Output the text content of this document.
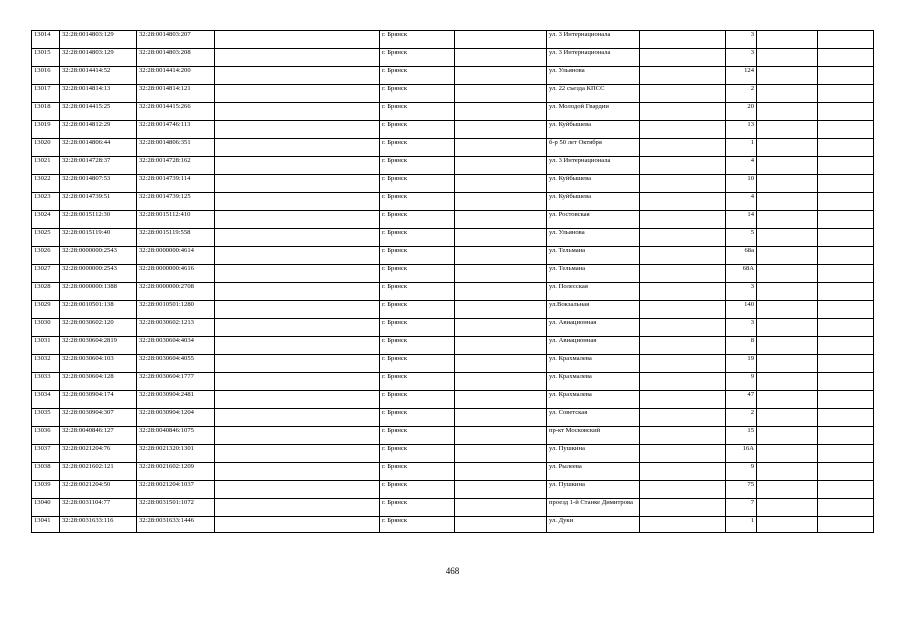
13014	32:28:0014803:129	32:28:0014803:207		г. Брянск		ул. 3 Интернационала		3		
13015	32:28:0014803:129	32:28:0014803:208		г. Брянск		ул. 3 Интернационала		3		
13016	32:28:0014414:52	32:28:0014414:200		г. Брянск		ул. Ульянова		124		
13017	32:28:0014814:13	32:28:0014814:121		г. Брянск		ул. 22 съезда КПСС		2		
13018	32:28:0014415:25	32:28:0014415:266		г. Брянск		ул. Молодой Гвардии		20		
13019	32:28:0014812:29	32:28:0014746:113		г. Брянск		ул. Куйбышева		13		
13020	32:28:0014806:44	32:28:0014806:351		г. Брянск		б-р 50 лет Октября		1		
13021	32:28:0014728:37	32:28:0014728:162		г. Брянск		ул. 3 Интернационала		4		
13022	32:28:0014807:53	32:28:0014739:114		г. Брянск		ул. Куйбышева		10		
13023	32:28:0014739:51	32:28:0014739:125		г. Брянск		ул. Куйбышева		4		
13024	32:28:0015112:30	32:28:0015112:410		г. Брянск		ул. Ростовская		14		
13025	32:28:0015119:40	32:28:0015119:558		г. Брянск		ул. Ульянова		5		
13026	32:28:0000000:2543	32:28:0000000:4614		г. Брянск		ул. Тельмана		68а		
13027	32:28:0000000:2543	32:28:0000000:4616		г. Брянск		ул. Тельмана		68А		
13028	32:28:0000000:1388	32:28:0000000:2708		г. Брянск		ул. Полесская		3		
13029	32:28:0010501:138	32:28:0010501:1280		г. Брянск		ул.Вокзальная		140		
13030	32:28:0030602:120	32:28:0030602:1213		г. Брянск		ул. Авиационная		3		
13031	32:28:0030604:2819	32:28:0030604:4034		г. Брянск		ул. Авиационная		8		
13032	32:28:0030604:103	32:28:0030604:4055		г. Брянск		ул. Крахмалева		19		
13033	32:28:0030604:128	32:28:0030604:1777		г. Брянск		ул. Крахмалева		9		
13034	32:28:0030904:174	32:28:0030904:2481		г. Брянск		ул. Крахмалева		47		
13035	32:28:0030904:307	32:28:0030904:1204		г. Брянск		ул. Советская		2		
13036	32:28:0040846:127	32:28:0040846:1075		г. Брянск		пр-кт Московский		15		
13037	32:28:0021204:76	32:28:0021320:1301		г. Брянск		ул. Пушкина		16А		
13038	32:28:0021602:121	32:28:0021602:1209		г. Брянск		ул. Рылеева		9		
13039	32:28:0021204:50	32:28:0021204:1037		г. Брянск		ул. Пушкина		75		
13040	32:28:0031104:77	32:28:0031501:1072		г. Брянск		проезд 1-й Станке Димитрова		7		
13041	32:28:0031633:116	32:28:0031633:1446		г. Брянск		ул. Дуки		1		
468
